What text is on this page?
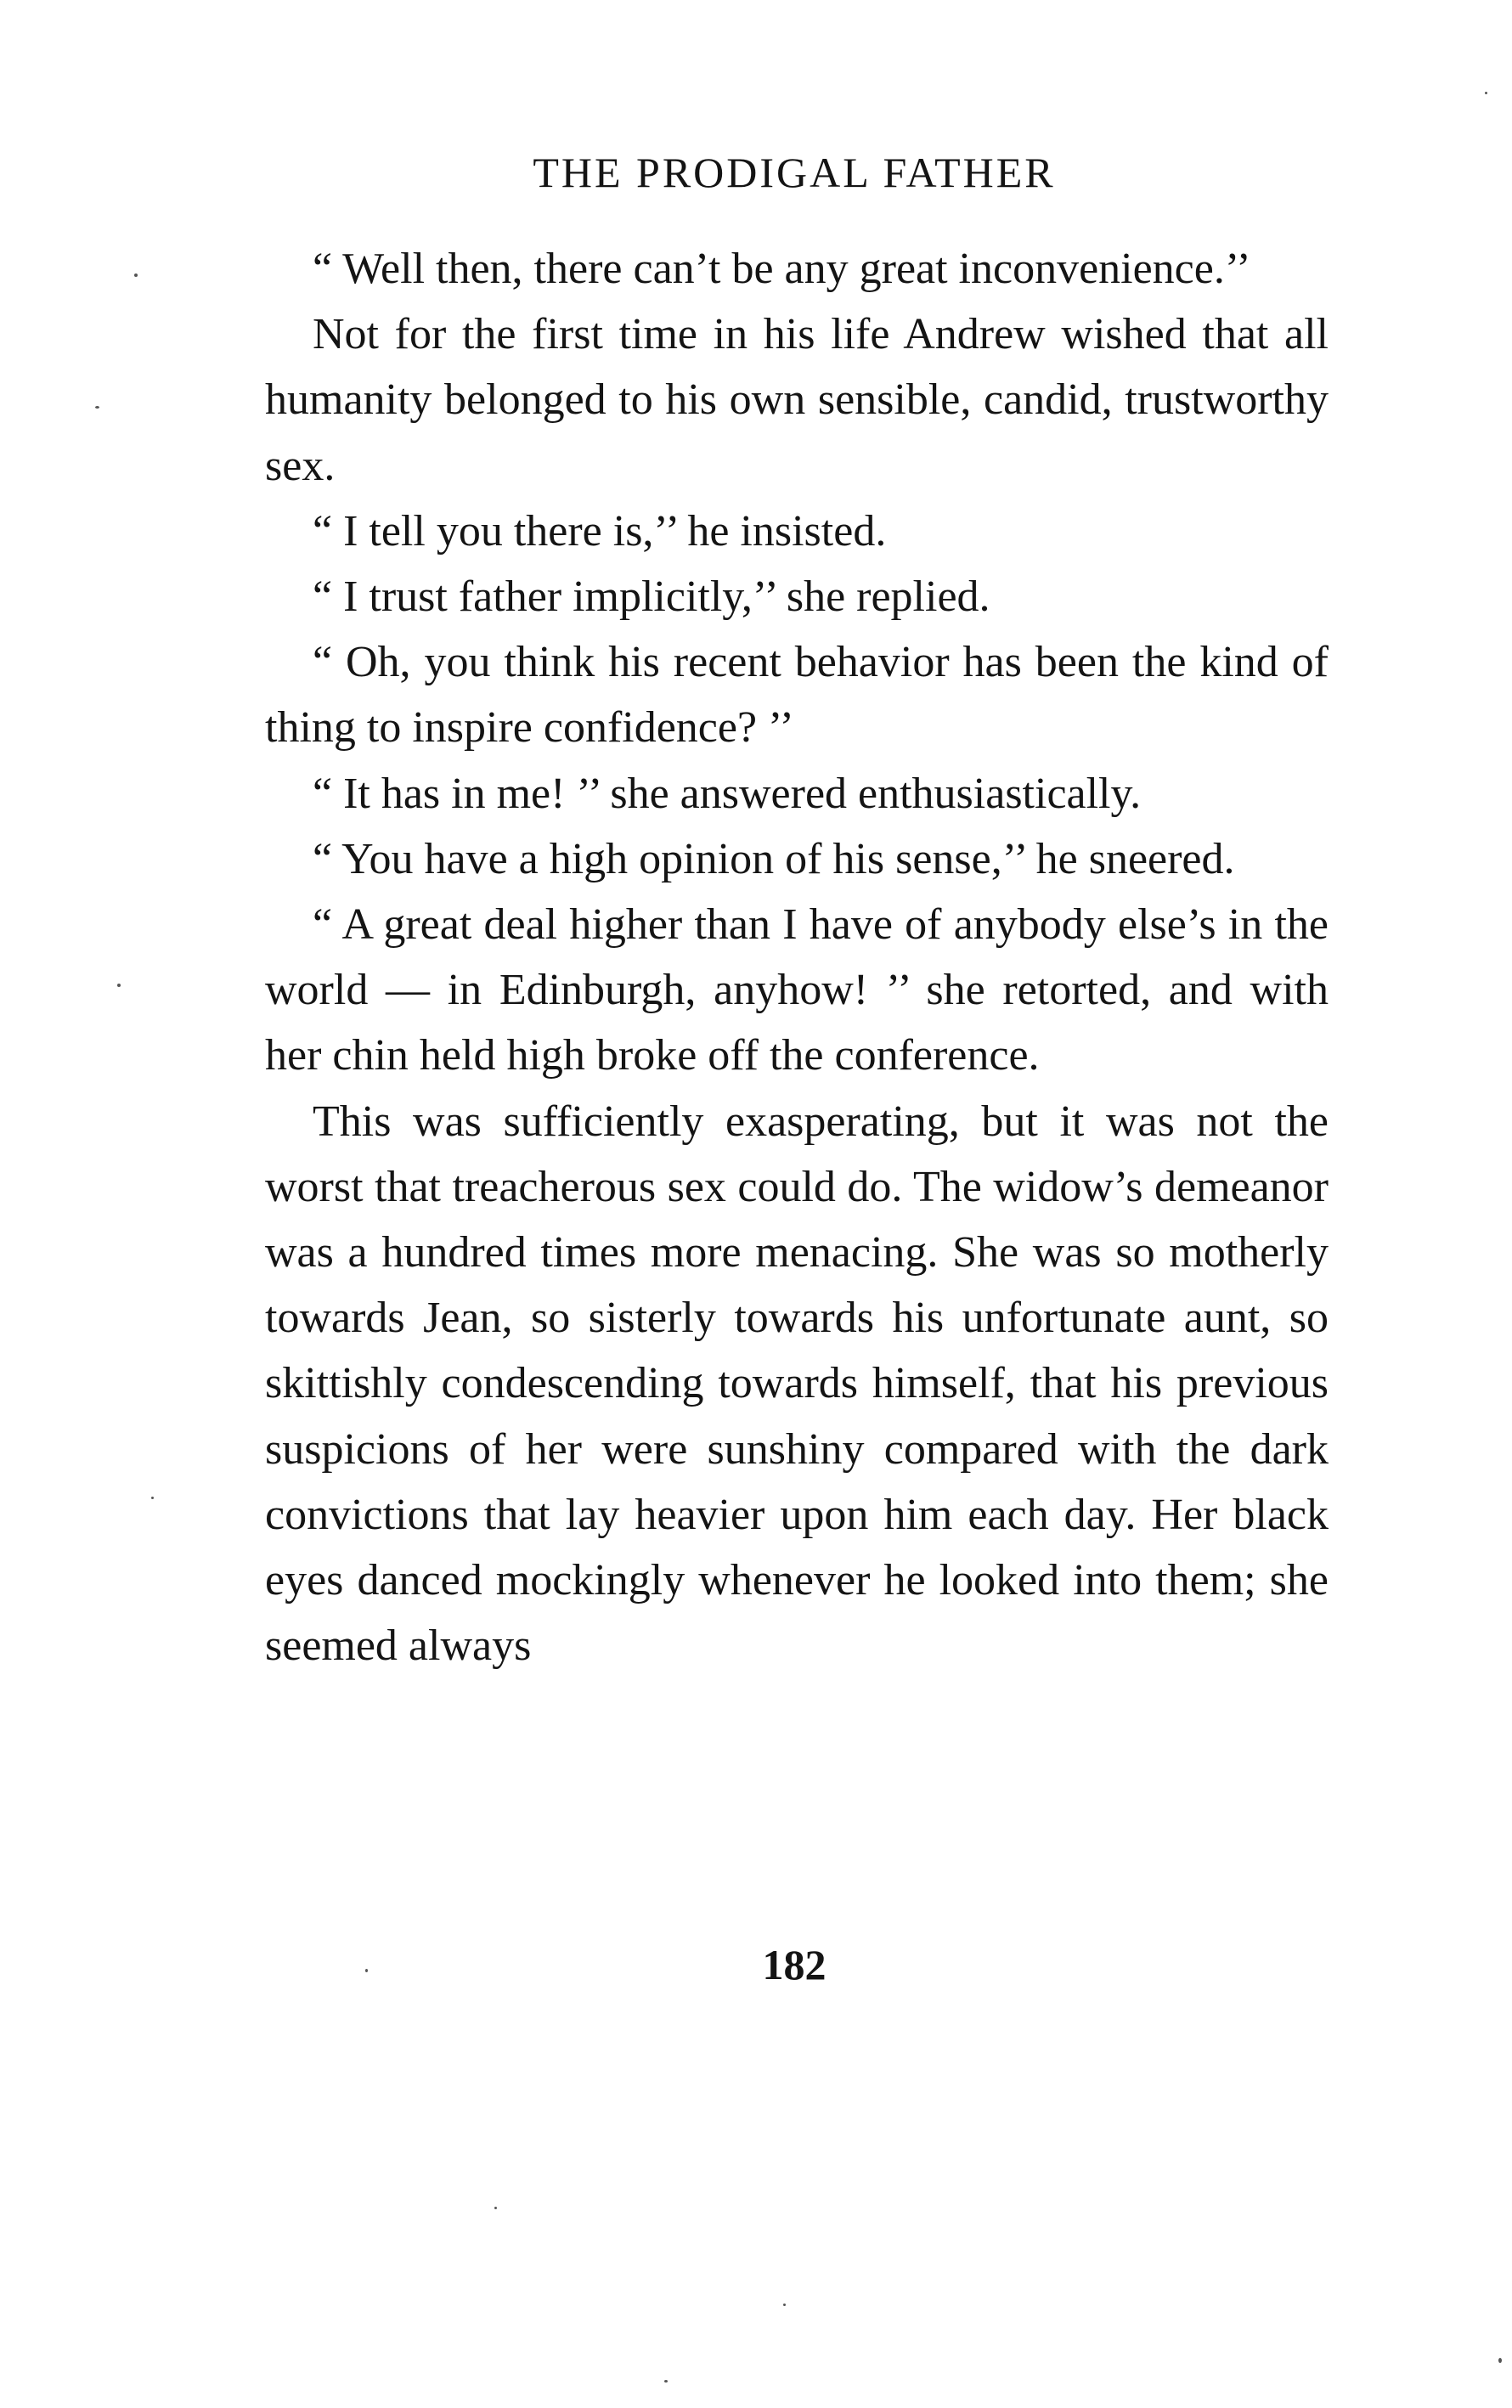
THE PRODIGAL FATHER

“ Well then, there can’t be any great inconvenience.’’

Not for the first time in his life Andrew wished that all humanity belonged to his own sensible, candid, trustworthy sex.

“ I tell you there is,’’ he insisted.

“ I trust father implicitly,’’ she replied.

“ Oh, you think his recent behavior has been the kind of thing to inspire confidence? ’’

“ It has in me! ’’ she answered enthusiastically.

“ You have a high opinion of his sense,’’ he sneered.

“ A great deal higher than I have of anybody else’s in the world — in Edinburgh, anyhow! ’’ she retorted, and with her chin held high broke off the conference.

This was sufficiently exasperating, but it was not the worst that treacherous sex could do. The widow’s demeanor was a hundred times more menacing. She was so motherly towards Jean, so sisterly towards his unfortunate aunt, so skittishly condescending towards himself, that his previous suspicions of her were sunshiny compared with the dark convictions that lay heavier upon him each day. Her black eyes danced mockingly whenever he looked into them; she seemed always

182
